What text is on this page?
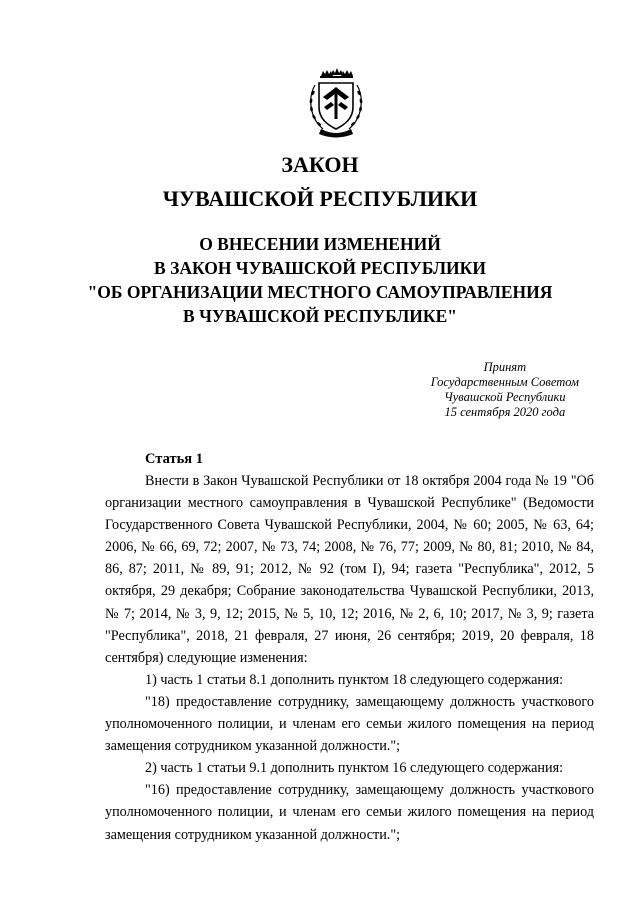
ЗАКОН
ЧУВАШСКОЙ РЕСПУБЛИКИ
О ВНЕСЕНИИ ИЗМЕНЕНИЙ
В ЗАКОН ЧУВАШСКОЙ РЕСПУБЛИКИ
"ОБ ОРГАНИЗАЦИИ МЕСТНОГО САМОУПРАВЛЕНИЯ
В ЧУВАШСКОЙ РЕСПУБЛИКЕ"
Принят
Государственным Советом
Чувашской Республики
15 сентября 2020 года
Статья 1

Внести в Закон Чувашской Республики от 18 октября 2004 года № 19 "Об организации местного самоуправления в Чувашской Республике" (Ведомости Государственного Совета Чувашской Республики, 2004, № 60; 2005, № 63, 64; 2006, № 66, 69, 72; 2007, № 73, 74; 2008, № 76, 77; 2009, № 80, 81; 2010, № 84, 86, 87; 2011, № 89, 91; 2012, № 92 (том I), 94; газета "Республика", 2012, 5 октября, 29 декабря; Собрание законодательства Чувашской Республики, 2013, № 7; 2014, № 3, 9, 12; 2015, № 5, 10, 12; 2016, № 2, 6, 10; 2017, № 3, 9; газета "Республика", 2018, 21 февраля, 27 июня, 26 сентября; 2019, 20 февраля, 18 сентября) следующие изменения:

1) часть 1 статьи 8.1 дополнить пунктом 18 следующего содержания:

"18) предоставление сотруднику, замещающему должность участкового уполномоченного полиции, и членам его семьи жилого помещения на период замещения сотрудником указанной должности.";

2) часть 1 статьи 9.1 дополнить пунктом 16 следующего содержания:

"16) предоставление сотруднику, замещающему должность участкового уполномоченного полиции, и членам его семьи жилого помещения на период замещения сотрудником указанной должности.";
